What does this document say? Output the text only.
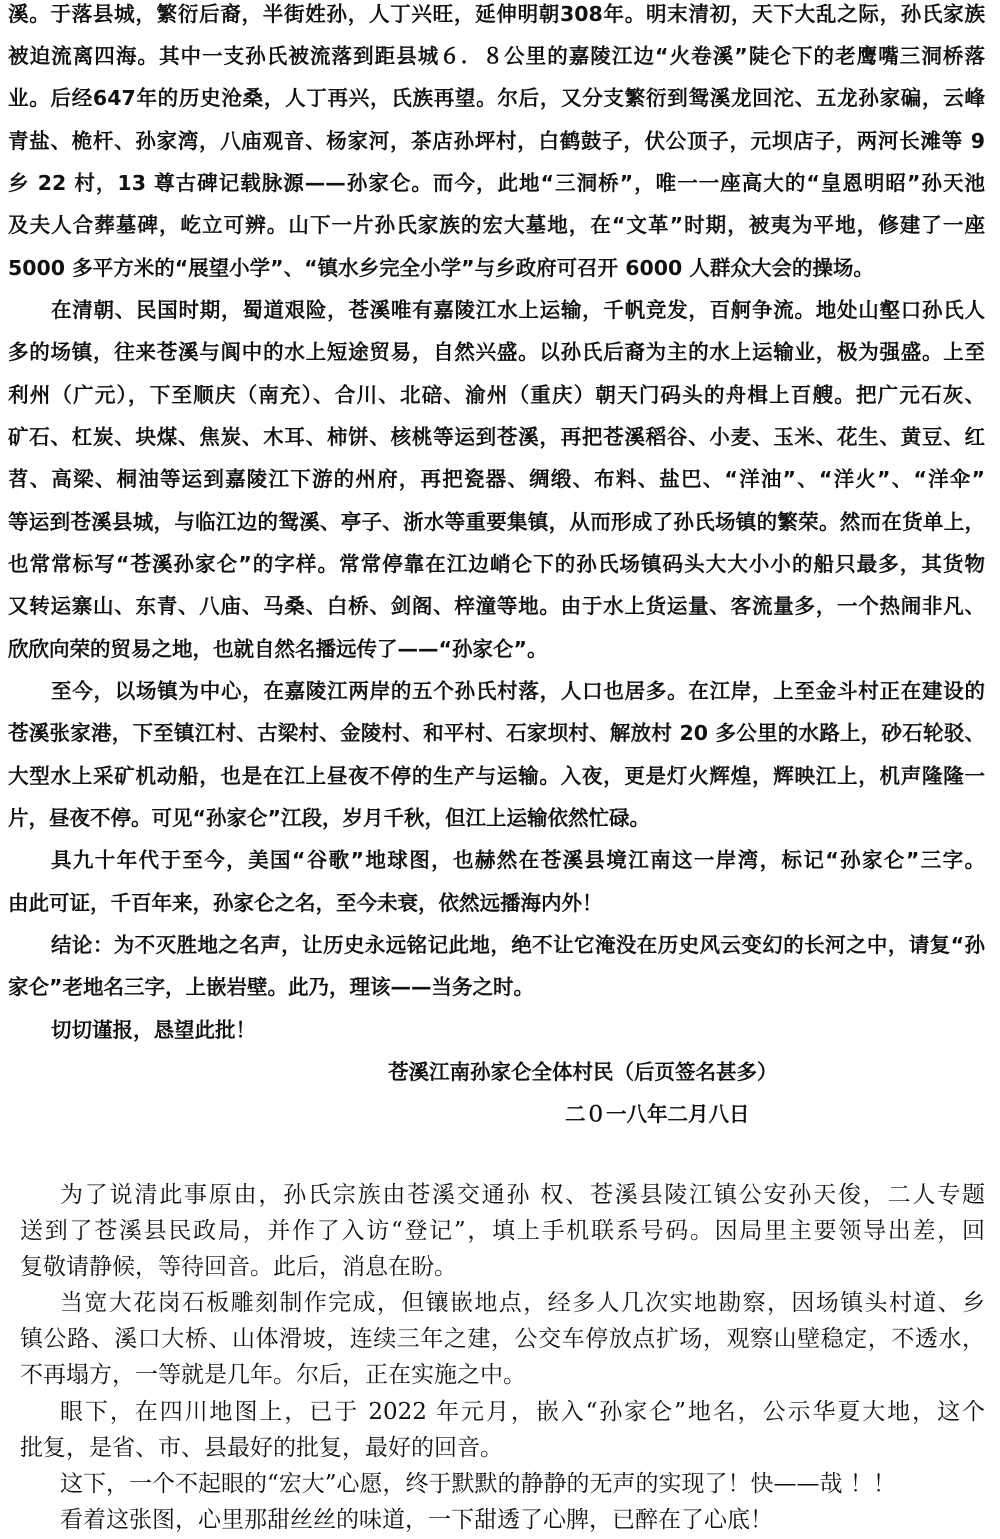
溪。于落县城，繁衍后裔，半街姓孙，人丁兴旺，延伸明朝308年。明末清初，天下大乱之际，孙氏家族
被迫流离四海。其中一支孙氏被流落到距县城６．８公里的嘉陵江边“火卷溪”陡仑下的老鹰嘴三洞桥落
业。后经647年的历史沧桑，人丁再兴，氏族再望。尔后，又分支繁衍到鸳溪龙回沱、五龙孙家碥，云峰
青盐、桅杆、孙家湾，八庙观音、杨家河，茶店孙坪村，白鹤鼓子，伏公顶子，元坝店子，两河长滩等 9
乡 22 村，13 尊古碑记载脉源——孙家仑。而今，此地“三洞桥”，唯一一座高大的“皇恩明昭”孙天池
及夫人合葬墓碑，屹立可辨。山下一片孙氏家族的宏大墓地，在“文革”时期，被夷为平地，修建了一座
5000 多平方米的“展望小学”、“镇水乡完全小学”与乡政府可召开 6000 人群众大会的操场。
在清朝、民国时期，蜀道艰险，苍溪唯有嘉陵江水上运输，千帆竞发，百舸争流。地处山壑口孙氏人
多的场镇，往来苍溪与阆中的水上短途贸易，自然兴盛。以孙氏后裔为主的水上运输业，极为强盛。上至
利州（广元），下至顺庆（南充）、合川、北碚、渝州（重庆）朝天门码头的舟楫上百艘。把广元石灰、
矿石、杠炭、块煤、焦炭、木耳、柿饼、核桃等运到苍溪，再把苍溪稻谷、小麦、玉米、花生、黄豆、红
苕、高梁、桐油等运到嘉陵江下游的州府，再把瓷器、绸缎、布料、盐巴、“洋油”、“洋火”、“洋伞”
等运到苍溪县城，与临江边的鸳溪、亭子、浙水等重要集镇，从而形成了孙氏场镇的繁荣。然而在货单上，
也常常标写“苍溪孙家仑”的字样。常常停靠在江边峭仑下的孙氏场镇码头大大小小的船只最多，其货物
又转运寨山、东青、八庙、马桑、白桥、剑阁、梓潼等地。由于水上货运量、客流量多，一个热闹非凡、
欣欣向荣的贸易之地，也就自然名播远传了——“孙家仑”。
至今，以场镇为中心，在嘉陵江两岸的五个孙氏村落，人口也居多。在江岸，上至金斗村正在建设的
苍溪张家港，下至镇江村、古梁村、金陵村、和平村、石家坝村、解放村 20 多公里的水路上，砂石轮驳、
大型水上采矿机动船，也是在江上昼夜不停的生产与运输。入夜，更是灯火辉煌，辉映江上，机声隆隆一
片，昼夜不停。可见“孙家仑”江段，岁月千秋，但江上运输依然忙碌。
具九十年代于至今，美国“谷歌”地球图，也赫然在苍溪县境江南这一岸湾，标记“孙家仑”三字。
由此可证，千百年来，孙家仑之名，至今未衰，依然远播海内外！
结论：为不灭胜地之名声，让历史永远铭记此地，绝不让它淹没在历史风云变幻的长河之中，请复“孙
家仑”老地名三字，上嵌岩壁。此乃，理该——当务之时。
切切谨报，恳望此批！
苍溪江南孙家仑全体村民（后页签名甚多）
二０一八年二月八日
为了说清此事原由，孙氏宗族由苍溪交通孙 权、苍溪县陵江镇公安孙天俊，二人专题
送到了苍溪县民政局，并作了入访“登记”，填上手机联系号码。因局里主要领导出差，回
复敬请静候，等待回音。此后，消息在盼。
当宽大花岗石板雕刻制作完成，但镶嵌地点，经多人几次实地勘察，因场镇头村道、乡
镇公路、溪口大桥、山体滑坡，连续三年之建，公交车停放点扩场，观察山壁稳定，不透水，
不再塌方，一等就是几年。尔后，正在实施之中。
眼下，在四川地图上，已于 2022 年元月，嵌入“孙家仑”地名，公示华夏大地，这个
批复，是省、市、县最好的批复，最好的回音。
这下，一个不起眼的“宏大”心愿，终于默默的静静的无声的实现了！快——哉 ！！
看着这张图，心里那甜丝丝的味道，一下甜透了心脾，已醉在了心底！
